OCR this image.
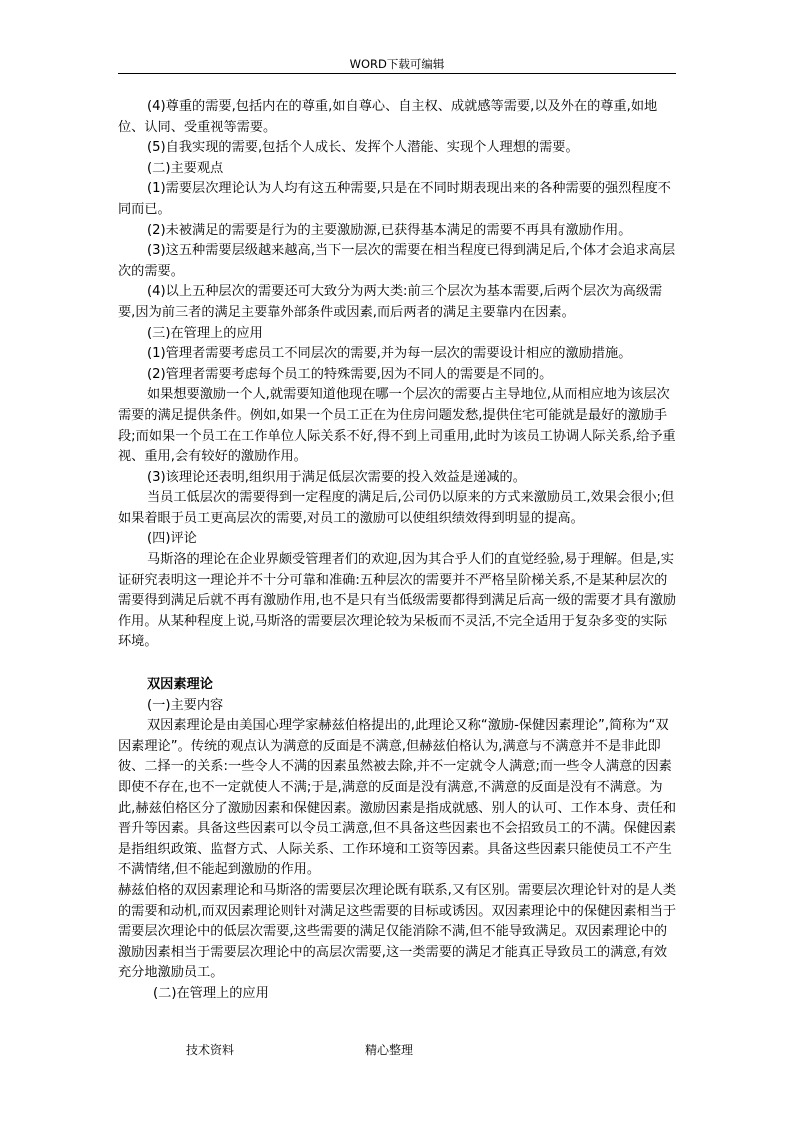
WORD下载可编辑

(4)尊重的需要,包括内在的尊重,如自尊心、自主权、成就感等需要,以及外在的尊重,如地位、认同、受重视等需要。

(5)自我实现的需要,包括个人成长、发挥个人潜能、实现个人理想的需要。

(二)主要观点

(1)需要层次理论认为人均有这五种需要,只是在不同时期表现出来的各种需要的强烈程度不同而已。

(2)未被满足的需要是行为的主要激励源,已获得基本满足的需要不再具有激励作用。

(3)这五种需要层级越来越高,当下一层次的需要在相当程度已得到满足后,个体才会追求高层次的需要。

(4)以上五种层次的需要还可大致分为两大类:前三个层次为基本需要,后两个层次为高级需要,因为前三者的满足主要靠外部条件或因素,而后两者的满足主要靠内在因素。

(三)在管理上的应用

(1)管理者需要考虑员工不同层次的需要,并为每一层次的需要设计相应的激励措施。

(2)管理者需要考虑每个员工的特殊需要,因为不同人的需要是不同的。

如果想要激励一个人,就需要知道他现在哪一个层次的需要占主导地位,从而相应地为该层次需要的满足提供条件。例如,如果一个员工正在为住房问题发愁,提供住宅可能就是最好的激励手段;而如果一个员工在工作单位人际关系不好,得不到上司重用,此时为该员工协调人际关系,给予重视、重用,会有较好的激励作用。

(3)该理论还表明,组织用于满足低层次需要的投入效益是递减的。

当员工低层次的需要得到一定程度的满足后,公司仍以原来的方式来激励员工,效果会很小;但如果着眼于员工更高层次的需要,对员工的激励可以使组织绩效得到明显的提高。

(四)评论

马斯洛的理论在企业界颇受管理者们的欢迎,因为其合乎人们的直觉经验,易于理解。但是,实证研究表明这一理论并不十分可靠和准确:五种层次的需要并不严格呈阶梯关系,不是某种层次的需要得到满足后就不再有激励作用,也不是只有当低级需要都得到满足后高一级的需要才具有激励作用。从某种程度上说,马斯洛的需要层次理论较为呆板而不灵活,不完全适用于复杂多变的实际环境。

双因素理论

(一)主要内容

双因素理论是由美国心理学家赫兹伯格提出的,此理论又称“激励-保健因素理论”,简称为“双因素理论”。传统的观点认为满意的反面是不满意,但赫兹伯格认为,满意与不满意并不是非此即彼、二择一的关系:一些令人不满的因素虽然被去除,并不一定就令人满意;而一些令人满意的因素即使不存在,也不一定就使人不满;于是,满意的反面是没有满意,不满意的反面是没有不满意。为此,赫兹伯格区分了激励因素和保健因素。激励因素是指成就感、别人的认可、工作本身、责任和晋升等因素。具备这些因素可以令员工满意,但不具备这些因素也不会招致员工的不满。保健因素是指组织政策、监督方式、人际关系、工作环境和工资等因素。具备这些因素只能使员工不产生不满情绪,但不能起到激励的作用。

赫兹伯格的双因素理论和马斯洛的需要层次理论既有联系,又有区别。需要层次理论针对的是人类的需要和动机,而双因素理论则针对满足这些需要的目标或诱因。双因素理论中的保健因素相当于需要层次理论中的低层次需要,这些需要的满足仅能消除不满,但不能导致满足。双因素理论中的激励因素相当于需要层次理论中的高层次需要,这一类需要的满足才能真正导致员工的满意,有效充分地激励员工。

(二)在管理上的应用

技术资料	精心整理
